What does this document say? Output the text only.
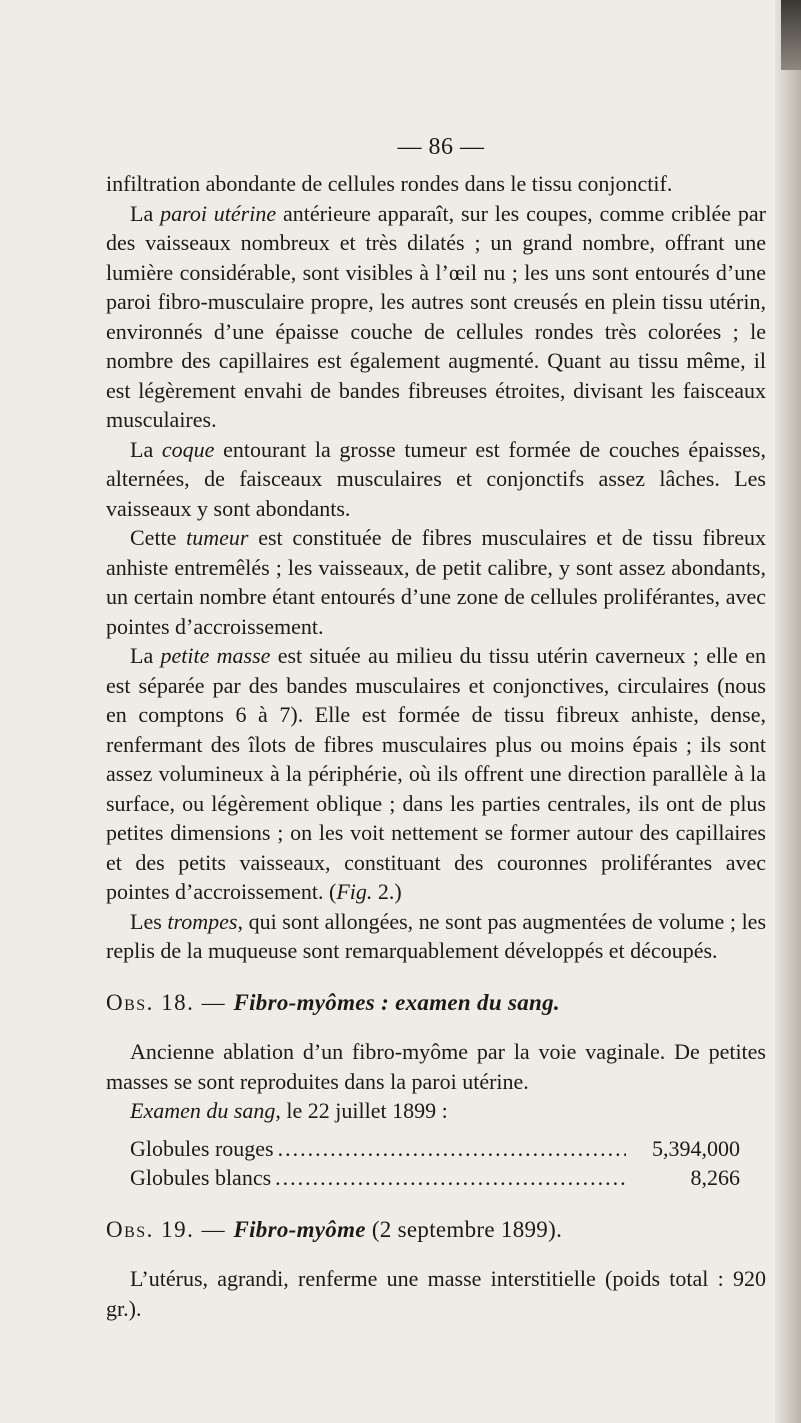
— 86 —

infiltration abondante de cellules rondes dans le tissu conjonctif.

La paroi utérine antérieure apparaît, sur les coupes, comme criblée par des vaisseaux nombreux et très dilatés ; un grand nombre, offrant une lumière considérable, sont visibles à l’œil nu ; les uns sont entourés d’une paroi fibro-musculaire propre, les autres sont creusés en plein tissu utérin, environnés d’une épaisse couche de cellules rondes très colorées ; le nombre des capillaires est également augmenté. Quant au tissu même, il est légèrement envahi de bandes fibreuses étroites, divisant les faisceaux musculaires.

La coque entourant la grosse tumeur est formée de couches épaisses, alternées, de faisceaux musculaires et conjonctifs assez lâches. Les vaisseaux y sont abondants.

Cette tumeur est constituée de fibres musculaires et de tissu fibreux anhiste entremêlés ; les vaisseaux, de petit calibre, y sont assez abondants, un certain nombre étant entourés d’une zone de cellules proliférantes, avec pointes d’accroissement.

La petite masse est située au milieu du tissu utérin caverneux ; elle en est séparée par des bandes musculaires et conjonctives, circulaires (nous en comptons 6 à 7). Elle est formée de tissu fibreux anhiste, dense, renfermant des îlots de fibres musculaires plus ou moins épais ; ils sont assez volumineux à la périphérie, où ils offrent une direction parallèle à la surface, ou légèrement oblique ; dans les parties centrales, ils ont de plus petites dimensions ; on les voit nettement se former autour des capillaires et des petits vaisseaux, constituant des couronnes proliférantes avec pointes d’accroissement. (Fig. 2.)

Les trompes, qui sont allongées, ne sont pas augmentées de volume ; les replis de la muqueuse sont remarquablement développés et découpés.

Obs. 18. — Fibro-myômes : examen du sang.

Ancienne ablation d’un fibro-myôme par la voie vaginale. De petites masses se sont reproduites dans la paroi utérine.

Examen du sang, le 22 juillet 1899 :

Globules rouges .....	5,394,000
Globules blancs .....	8,266

Obs. 19. — Fibro-myôme (2 septembre 1899).

L’utérus, agrandi, renferme une masse interstitielle (poids total : 920 gr.).
